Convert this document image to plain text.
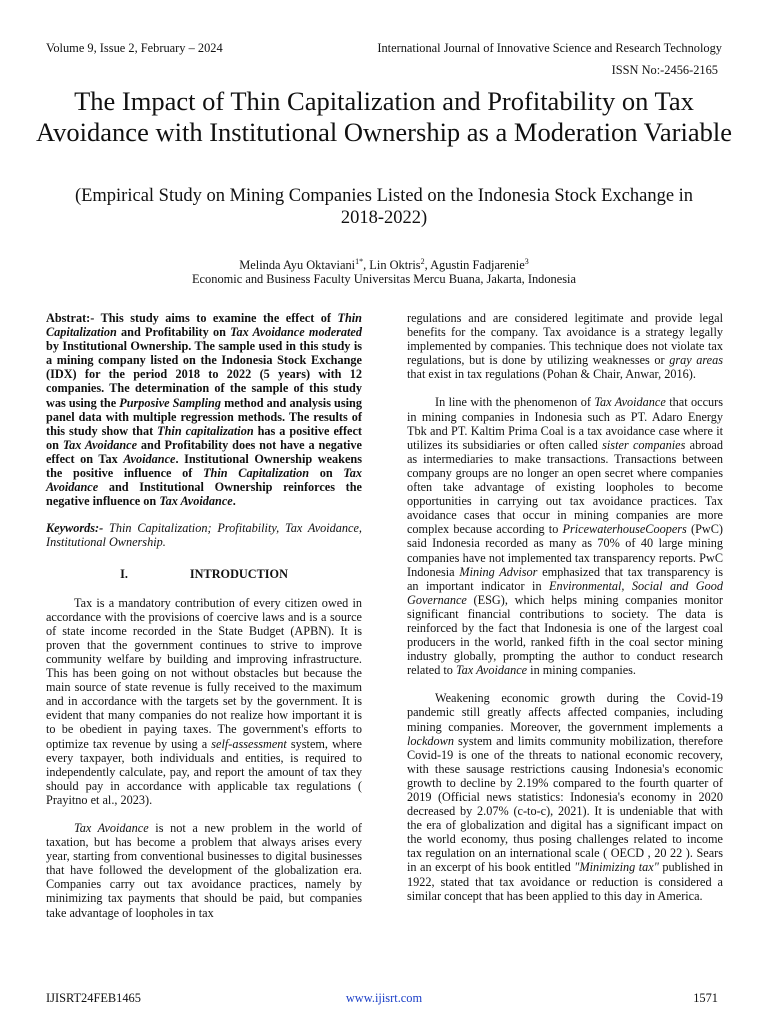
Volume 9, Issue 2, February – 2024	International Journal of Innovative Science and Research Technology
ISSN No:-2456-2165
The Impact of Thin Capitalization and Profitability on Tax Avoidance with Institutional Ownership as a Moderation Variable
(Empirical Study on Mining Companies Listed on the Indonesia Stock Exchange in 2018-2022)
Melinda Ayu Oktaviani$^{1*}$, Lin Oktris$^2$, Agustin Fadjarenie$^3$
Economic and Business Faculty Universitas Mercu Buana, Jakarta, Indonesia

Abstrat:- This study aims to examine the effect of Thin Capitalization and Profitability on Tax Avoidance moderated by Institutional Ownership. The sample used in this study is a mining company listed on the Indonesia Stock Exchange (IDX) for the period 2018 to 2022 (5 years) with 12 companies. The determination of the sample of this study was using the Purposive Sampling method and analysis using panel data with multiple regression methods. The results of this study show that Thin capitalization has a positive effect on Tax Avoidance and Profitability does not have a negative effect on Tax Avoidance. Institutional Ownership weakens the positive influence of Thin Capitalization on Tax Avoidance and Institutional Ownership reinforces the negative influence on Tax Avoidance.

Keywords:- Thin Capitalization; Profitability, Tax Avoidance, Institutional Ownership.

I.	INTRODUCTION

Tax is a mandatory contribution of every citizen owed in accordance with the provisions of coercive laws and is a source of state income recorded in the State Budget (APBN). It is proven that the government continues to strive to improve community welfare by building and improving infrastructure. This has been going on not without obstacles but because the main source of state revenue is fully received to the maximum and in accordance with the targets set by the government. It is evident that many companies do not realize how important it is to be obedient in paying taxes. The government's efforts to optimize tax revenue by using a self-assessment system, where every taxpayer, both individuals and entities, is required to independently calculate, pay, and report the amount of tax they should pay in accordance with applicable tax regulations ( Prayitno et al., 2023).

Tax Avoidance is not a new problem in the world of taxation, but has become a problem that always arises every year, starting from conventional businesses to digital businesses that have followed the development of the globalization era. Companies carry out tax avoidance practices, namely by minimizing tax payments that should be paid, but companies take advantage of loopholes in tax

regulations and are considered legitimate and provide legal benefits for the company. Tax avoidance is a strategy legally implemented by companies. This technique does not violate tax regulations, but is done by utilizing weaknesses or gray areas that exist in tax regulations (Pohan & Chair, Anwar, 2016).

In line with the phenomenon of Tax Avoidance that occurs in mining companies in Indonesia such as PT. Adaro Energy Tbk and PT. Kaltim Prima Coal is a tax avoidance case where it utilizes its subsidiaries or often called sister companies abroad as intermediaries to make transactions. Transactions between company groups are no longer an open secret where companies often take advantage of existing loopholes to become opportunities in carrying out tax avoidance practices. Tax avoidance cases that occur in mining companies are more complex because according to PricewaterhouseCoopers (PwC) said Indonesia recorded as many as 70% of 40 large mining companies have not implemented tax transparency reports. PwC Indonesia Mining Advisor emphasized that tax transparency is an important indicator in Environmental, Social and Good Governance (ESG), which helps mining companies monitor significant financial contributions to society. The data is reinforced by the fact that Indonesia is one of the largest coal producers in the world, ranked fifth in the coal sector mining industry globally, prompting the author to conduct research related to Tax Avoidance in mining companies.

Weakening economic growth during the Covid-19 pandemic still greatly affects affected companies, including mining companies. Moreover, the government implements a lockdown system and limits community mobilization, therefore Covid-19 is one of the threats to national economic recovery, with these sausage restrictions causing Indonesia's economic growth to decline by 2.19% compared to the fourth quarter of 2019 (Official news statistics: Indonesia's economy in 2020 decreased by 2.07% (c-to-c), 2021). It is undeniable that with the era of globalization and digital has a significant impact on the world economy, thus posing challenges related to income tax regulation on an international scale ( OECD , 20 22 ). Sears in an excerpt of his book entitled "Minimizing tax" published in 1922, stated that tax avoidance or reduction is considered a similar concept that has been applied to this day in America.

IJISRT24FEB1465	www.ijisrt.com	1571
